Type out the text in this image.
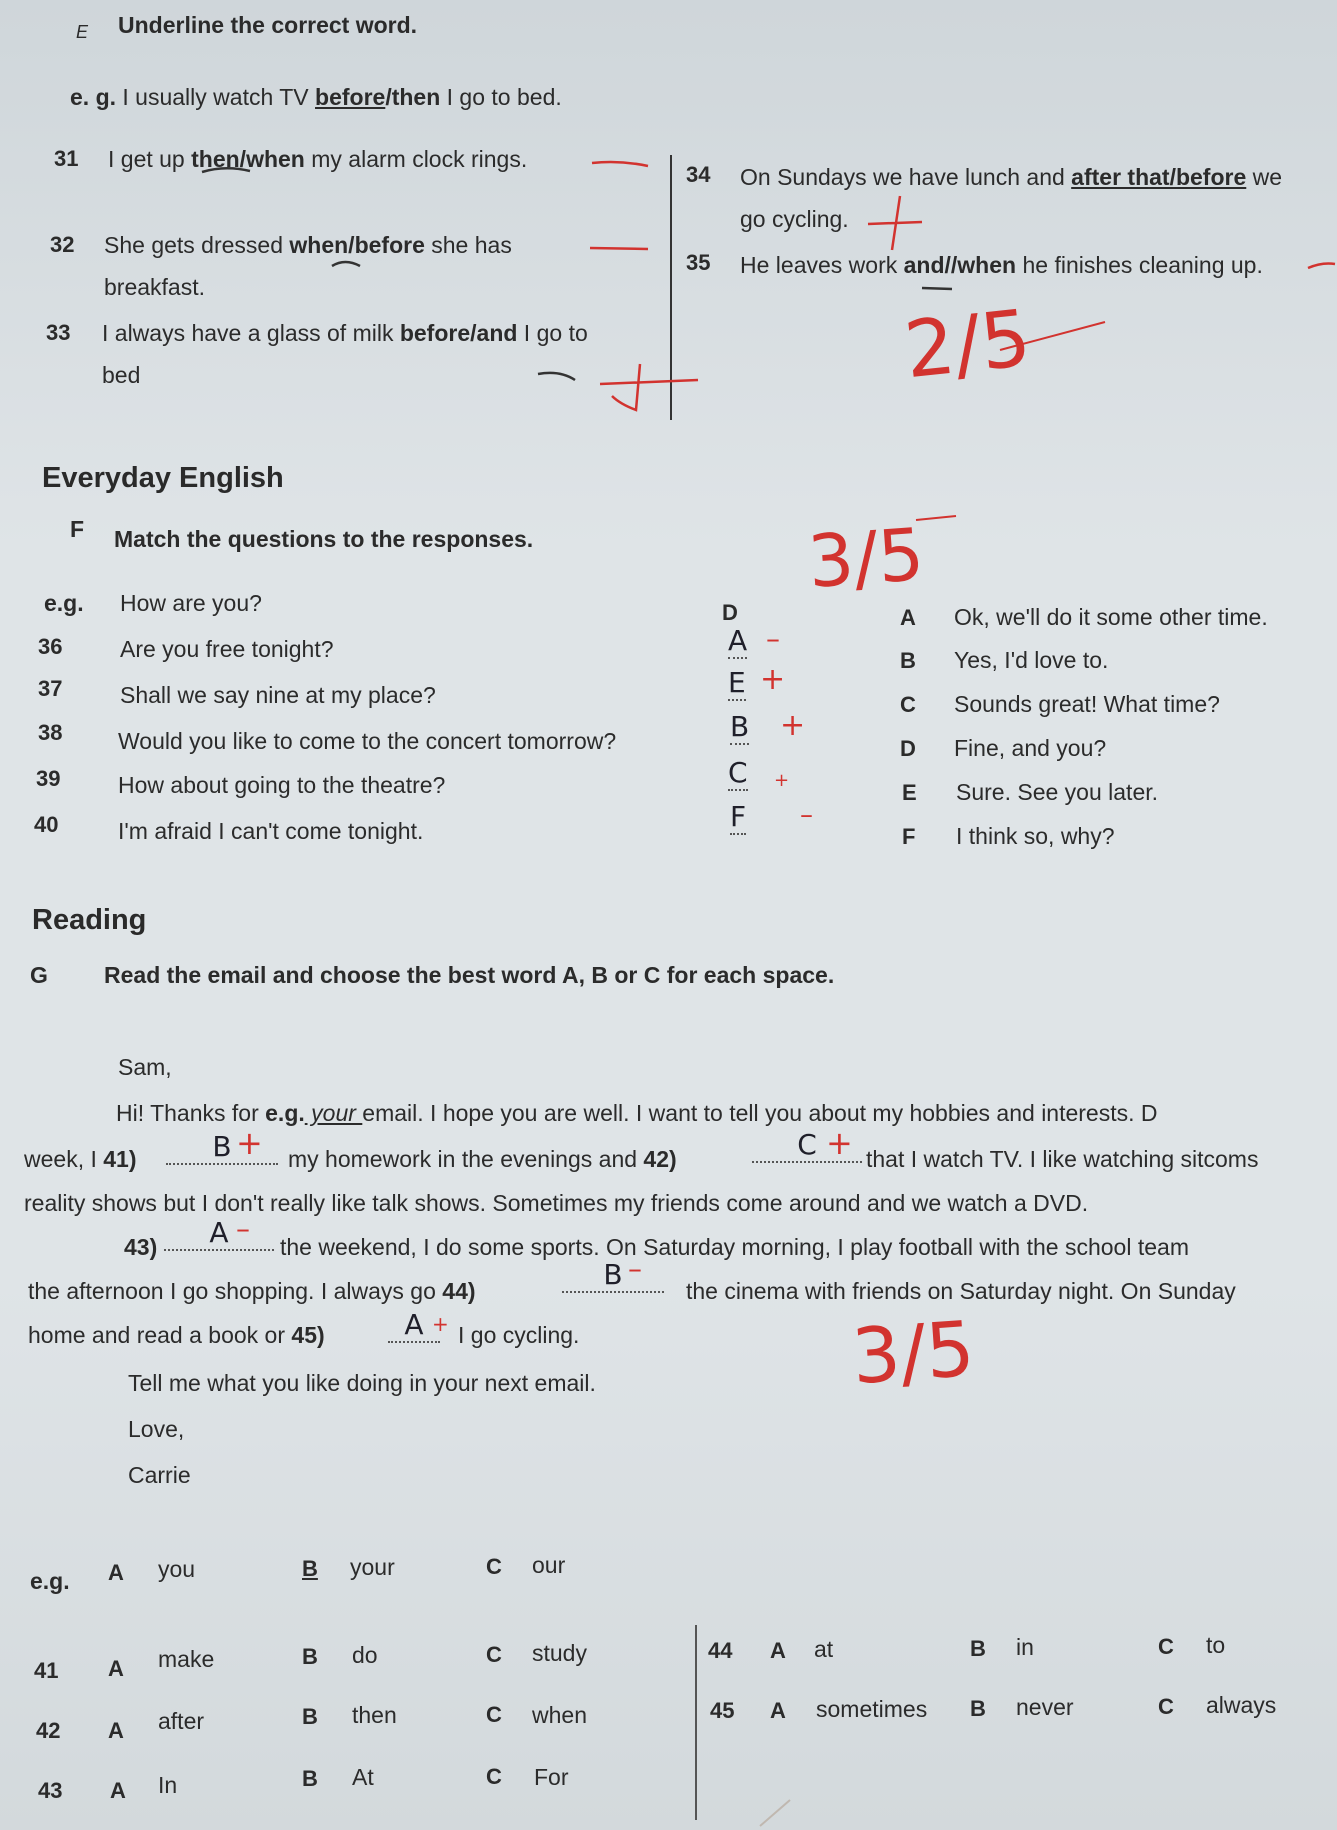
E Underline the correct word.
e. g. I usually watch TV before/then I go to bed.
31 I get up then/when my alarm clock rings.
32 She gets dressed when/before she has
breakfast.
33 I always have a glass of milk before/and I go to
bed
34 On Sundays we have lunch and after that/before we
go cycling.
35 He leaves work and//when he finishes cleaning up.
2/5
Everyday English
F Match the questions to the responses.	3/5
e.g. How are you?	D
36	Are you free tonight?	A –
37	Shall we say nine at my place?	E +
38 Would you like to come to the concert tomorrow?	B +
39	How about going to the theatre?	C +
40	I'm afraid I can't come tonight.	F –
A Ok, we'll do it some other time.
B Yes, I'd love to.
C Sounds great! What time?
D Fine, and you?
E Sure. See you later.
F I think so, why?
Reading
G Read the email and choose the best word A, B or C for each space.
Sam,
Hi! Thanks for e.g. your email. I hope you are well. I want to tell you about my hobbies and interests. D
week, I 41)	B + my homework in the evenings and 42)	C + that I watch TV. I like watching sitcoms
reality shows but I don't really like talk shows. Sometimes my friends come around and we watch a DVD.
43)	A –
the weekend, I do some sports. On Saturday morning, I play football with the school team
the afternoon I go shopping. I always go 44)	B –
the cinema with friends on Saturday night. On Sunday
home and read a book or 45)	A + I go cycling.	3/5
Tell me what you like doing in your next email.
Love,
Carrie
e.g. A you	B your	C our
41 A make	B do	C study
42 A after	B then	C when
43 A In	B At	C For
44 A at	B in	C to
45 A sometimes B never	C always
